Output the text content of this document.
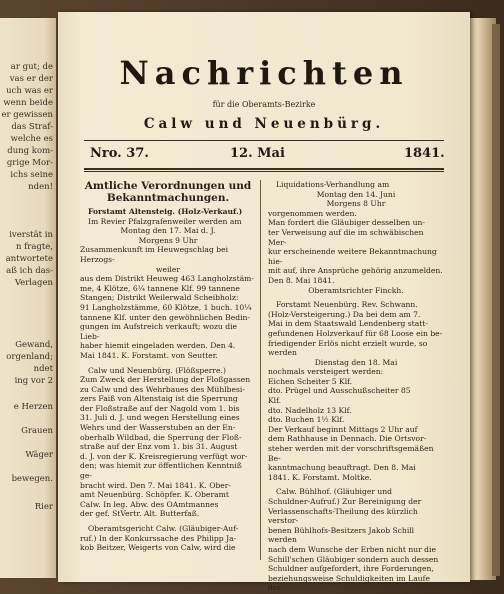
ar gut; de
vas er der
uch was er
wenn beide
er gewissen
das Straf-
welche es
dung kom-
grige Mor-
ichs seine
nden!
iverstät in
n fragte,
antwortete
aß ich das-
Verlagen
Gewand,
orgenland;
ndet
ing vor 2
e Herzen
Grauen
Wäger
bewegen.
Rier
Nachrichten
für die Oberamts-Bezirke
Calw und Neuenbürg.
Nro. 37.	12. Mai	1841.

Amtliche Verordnungen und Bekanntmachungen.

Forstamt Altensteig. (Holz-Verkauf.)

Im Revier Pfalzgrafenweiler werden am

Montag den 17. Mai d. J.

Morgens 9 Uhr

Zusammenkunft im Heuwegschlag bei Herzogs-

weiler

aus dem Distrikt Heuweg 463 Langholzstäm-

me, 4 Klötze, 6¼ tannene Klf. 99 tannene

Stangen; Distrikt Weilerwald Scheibholz:

91 Langholzstämme, 60 Klötze, 1 buch. 10¼

tannene Klf. unter den gewöhnlichen Bedin-

gungen im Aufstreich verkauft; wozu die Lieb-

haber hiemit eingeladen werden. Den 4.

Mai 1841. K. Forstamt. von Seutter.

Calw und Neuenbürg. (Flößsperre.)

Zum Zweck der Herstellung der Floßgassen

zu Calw und des Wehrbaues des Mühlbesi-

zers Faiß von Altenstaig ist die Sperrung

der Floßstraße auf der Nagold vom 1. bis

31. Juli d. J. und wegen Herstellung eines

Wehrs und der Wasserstuben an der En-

oberhalb Wildbad, die Sperrung der Floß-

straße auf der Enz vom 1. bis 31. August

d. J. von der K. Kreisregierung verfügt wor-

den; was hiemit zur öffentlichen Kenntniß ge-

bracht wird. Den 7. Mai 1841. K. Ober-

amt Neuenbürg. Schöpfer. K. Oberamt

Calw. In leg. Abw. des OAmtmannes

der gef. StVertr. Alt. Butterfaß.

Oberamtsgericht Calw. (Gläubiger-Auf-

ruf.) In der Konkurssache des Philipp Ja-

kob Beitzer, Weigerts von Calw, wird die

Liquidations-Verhandlung am

Montag den 14. Juni

Morgens 8 Uhr

vorgenommen werden.

Man fordert die Gläubiger desselben un-

ter Verweisung auf die im schwäbischen Mer-

kur erscheinende weitere Bekanntmachung hie-

mit auf, ihre Ansprüche gehörig anzumelden.

Den 8. Mai 1841.

Oberamtsrichter Finckh.

Forstamt Neuenbürg. Rev. Schwann.

(Holz-Versteigerung.) Da bei dem am 7.

Mai in dem Staatswald Lendenberg statt-

gefundenen Holzverkauf für 68 Loose ein be-

friedigender Erlös nicht erzielt wurde, so

werden

Dienstag den 18. Mai

nochmals versteigert werden:

Eichen Scheiter 5 Klf.

dto. Prügel und Ausschußscheiter 85

Klf.

dto. Nadelholz 13 Klf.

dto. Buchen 1½ Klf.

Der Verkauf beginnt Mittags 2 Uhr auf

dem Rathhause in Dennach. Die Ortsvor-

steher werden mit der vorschriftsgemäßen Be-

kanntmachung beauftragt. Den 8. Mai

1841. K. Forstamt. Moltke.

Calw. Bühlhof. (Gläubiger und

Schuldner-Aufruf.) Zur Bereinigung der

Verlassenschafts-Theilung des kürzlich verstor-

benen Bühlhofs-Besitzers Jakob Schill werden

nach dem Wunsche der Erben nicht nur die

Schill'schen Gläubiger sondern auch dessen

Schuldner aufgefordert, ihre Forderungen,

beziehungsweise Schuldigkeiten im Laufe der
